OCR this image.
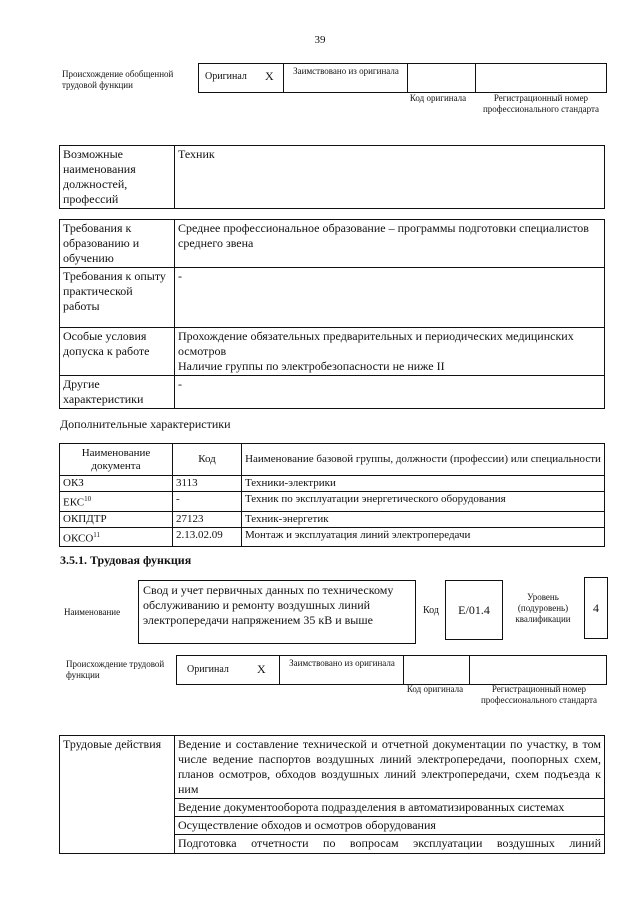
39
Происхождение обобщенной трудовой функции
Оригинал X	Заимствовано из оригинала
Код оригинала	Регистрационный номер профессионального стандарта
Возможные наименования должностей, профессий	Техник
Требования к образованию и обучению	Среднее профессиональное образование – программы подготовки специалистов среднего звена
Требования к опыту практической работы	-
Особые условия допуска к работе	Прохождение обязательных предварительных и периодических медицинских осмотров
Наличие группы по электробезопасности не ниже II

Другие характеристики	-
Дополнительные характеристики
Наименование документа	Код	Наименование базовой группы, должности (профессии) или специальности
ОКЗ	3113	Техники-электрики
ЕКС$^{10}$	-	Техник по эксплуатации энергетического оборудования
ОКПДТР	27123	Техник-энергетик
ОКСО$^{11}$	2.13.02.09	Монтаж и эксплуатация линий электропередачи
3.5.1. Трудовая функция
Наименование
Свод и учет первичных данных по техническому обслуживанию и ремонту воздушных линий электропередачи напряжением 35 кВ и выше
Код	E/01.4
Уровень (подуровень) квалификации
4
Происхождение трудовой функции	Оригинал X	Заимствовано из оригинала
Код оригинала	Регистрационный номер профессионального стандарта
Трудовые действия	Ведение и составление технической и отчетной документации по участку, в том числе ведение паспортов воздушных линий электропередачи, поопорных схем, планов осмотров, обходов воздушных линий электропередачи, схем подъезда к ним
Ведение документооборота подразделения в автоматизированных системах
Осуществление обходов и осмотров оборудования
Подготовка отчетности по вопросам эксплуатации воздушных линий
